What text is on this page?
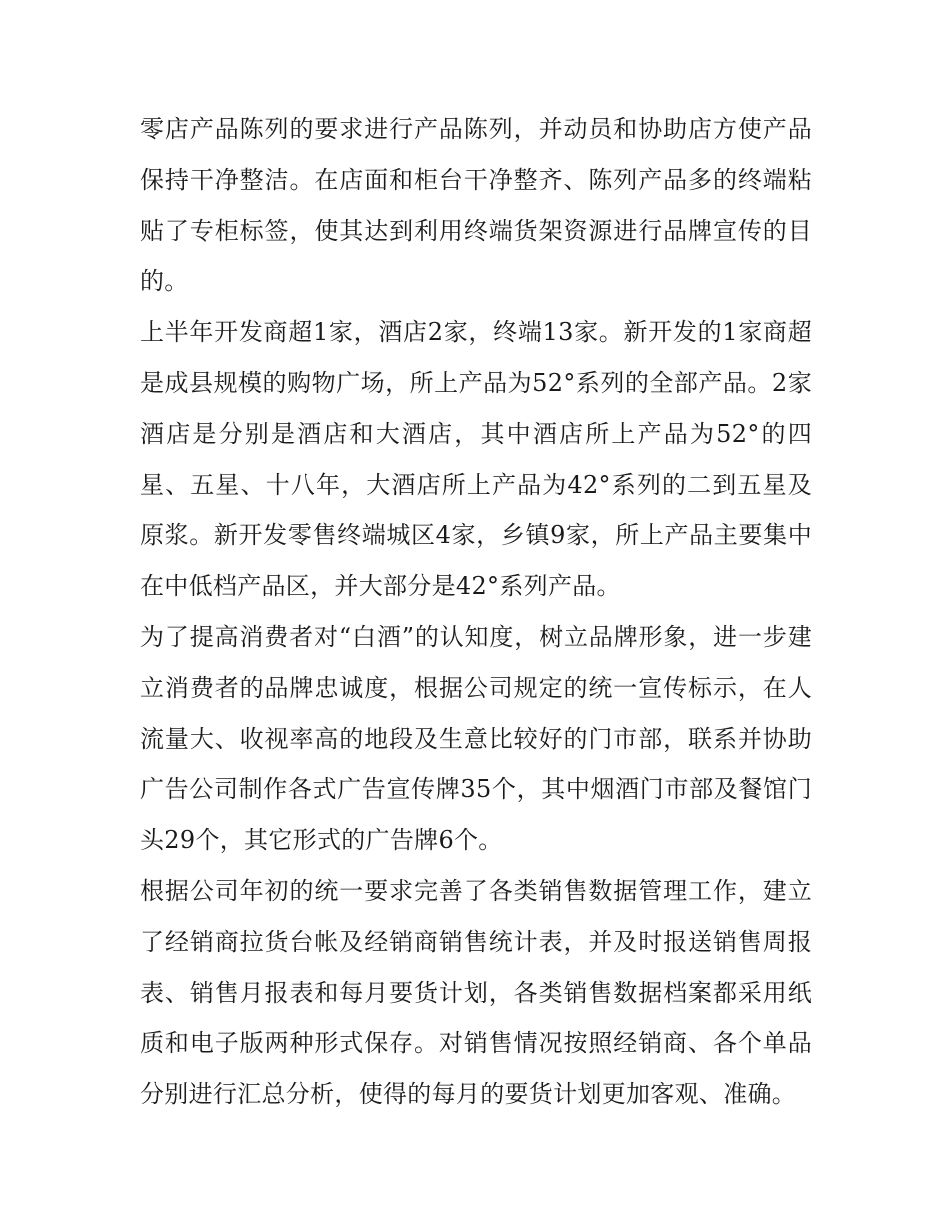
零店产品陈列的要求进行产品陈列，并动员和协助店方使产品保持干净整洁。在店面和柜台干净整齐、陈列产品多的终端粘贴了专柜标签，使其达到利用终端货架资源进行品牌宣传的目的。

上半年开发商超1家，酒店2家，终端13家。新开发的1家商超是成县规模的购物广场，所上产品为52°系列的全部产品。2家酒店是分别是酒店和大酒店，其中酒店所上产品为52°的四星、五星、十八年，大酒店所上产品为42°系列的二到五星及原浆。新开发零售终端城区4家，乡镇9家，所上产品主要集中在中低档产品区，并大部分是42°系列产品。

为了提高消费者对“白酒”的认知度，树立品牌形象，进一步建立消费者的品牌忠诚度，根据公司规定的统一宣传标示，在人流量大、收视率高的地段及生意比较好的门市部，联系并协助广告公司制作各式广告宣传牌35个，其中烟酒门市部及餐馆门头29个，其它形式的广告牌6个。

根据公司年初的统一要求完善了各类销售数据管理工作，建立了经销商拉货台帐及经销商销售统计表，并及时报送销售周报表、销售月报表和每月要货计划，各类销售数据档案都采用纸质和电子版两种形式保存。对销售情况按照经销商、各个单品分别进行汇总分析，使得的每月的要货计划更加客观、准确。
